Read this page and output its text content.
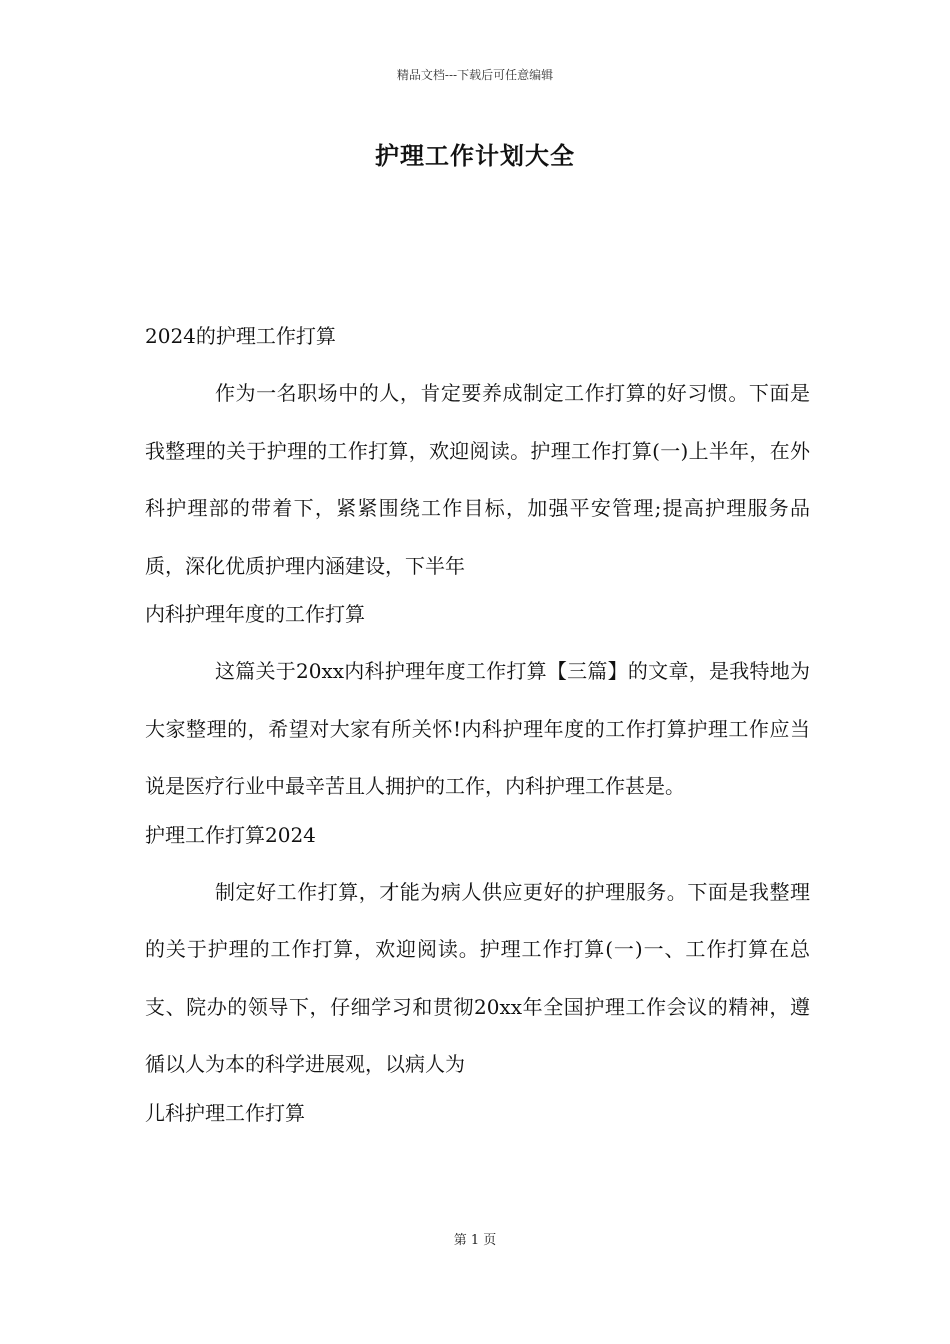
精品文档---下载后可任意编辑
护理工作计划大全
2024的护理工作打算

作为一名职场中的人，肯定要养成制定工作打算的好习惯。下面是我整理的关于护理的工作打算，欢迎阅读。护理工作打算(一)上半年，在外科护理部的带着下，紧紧围绕工作目标，加强平安管理;提高护理服务品质，深化优质护理内涵建设，下半年

内科护理年度的工作打算

这篇关于20xx内科护理年度工作打算【三篇】的文章，是我特地为大家整理的，希望对大家有所关怀!内科护理年度的工作打算护理工作应当说是医疗行业中最辛苦且人拥护的工作，内科护理工作甚是。

护理工作打算2024

制定好工作打算，才能为病人供应更好的护理服务。下面是我整理的关于护理的工作打算，欢迎阅读。护理工作打算(一)一、工作打算在总支、院办的领导下，仔细学习和贯彻20xx年全国护理工作会议的精神，遵循以人为本的科学进展观，以病人为

儿科护理工作打算
第 1 页
